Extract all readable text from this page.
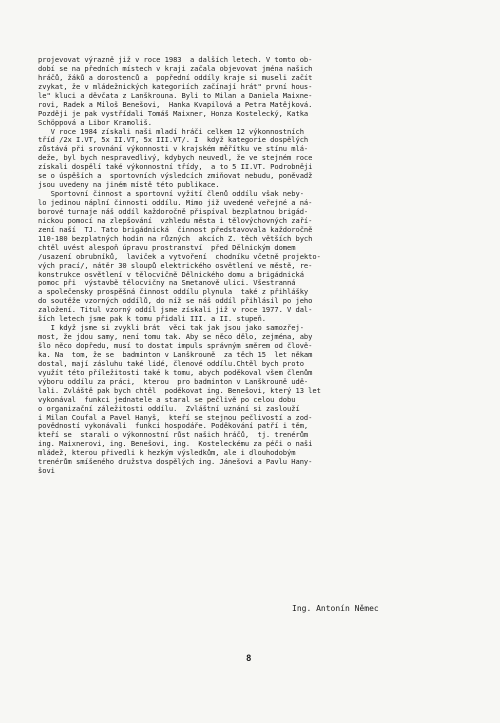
projevovat výrazně již v roce 1983  a dalších letech. V tomto ob-
dobí se na předních místech v kraji začala objevovat jména našich
hráčů, žáků a dorostenců a  popřední oddíly kraje si museli začít
zvykat, že v mládežnických kategoriích začínají hrát" první hous-
le" kluci a děvčata z Lanškrouna. Byli to Milan a Daniela Maixne-
rovi, Radek a Miloš Benešovi,  Hanka Kvapilová a Petra Matějková.
Později je pak vystřídali Tomáš Maixner, Honza Kostelecký, Katka
Schöppová a Libor Kramoliš.
V roce 1984 získali naši mladí hráči celkem 12 výkonnostních
tříd /2x I.VT, 5x II.VT, 5x III.VT/. I  když kategorie dospělých
zůstává při srovnání výkonnosti v krajském měřítku ve stínu mlá-
deže, byl bych nespravedlivý, kdybych neuvedl, že ve stejném roce
získali dospělí také výkonnostní třídy,  a to 5 II.VT. Podrobněji
se o úspěších a  sportovních výsledcích zmiňovat nebudu, poněvadž
jsou uvedeny na jiném místě této publikace.
Sportovní činnost a sportovní vyžití členů oddílu však neby-
lo jedinou náplní činnosti oddílu. Mimo již uvedené veřejné a ná-
borové turnaje náš oddíl každoročně přispíval bezplatnou brigád-
nickou pomocí na zlepšování  vzhledu města i tělovýchovných zaří-
zení naší  TJ. Tato brigádnická  činnost představovala každoročně
110-180 bezplatných hodin na různých  akcích Z. těch větších bych
chtěl uvést alespoň úpravu prostranství  před Dělnickým domem
/usazení obrubníků,  laviček a vytvoření  chodníku včetně projekto-
vých prací/, nátěr 30 sloupů elektrického osvětlení ve městě, re-
konstrukce osvětlení v tělocvičně Dělnického domu a brigádnická
pomoc při  výstavbě tělocvičny na Smetanově ulici. Všestranná
a společensky prospěšná činnost oddílu plynula  také z přihlášky
do soutěže vzorných oddílů, do níž se náš oddíl přihlásil po jeho
založení. Titul vzorný oddíl jsme získali již v roce 1977. V dal-
ších letech jsme pak k tomu přidali III. a II. stupeň.
I když jsme si zvykli brát  věci tak jak jsou jako samozřej-
most, že jdou samy, není tomu tak. Aby se něco dělo, zejména, aby
šlo něco dopředu, musí to dostat impuls správným směrem od člově-
ka. Na  tom, že se  badminton v Lanškrouně  za těch 15  let někam
dostal, mají zásluhu také lidé, členové oddílu.Chtěl bych proto
využít této příležitosti také k tomu, abych poděkoval všem členům
výboru oddílu za práci,  kterou  pro badminton v Lanškrouně udě-
lali. Zvláště pak bych chtěl  poděkovat ing. Benešovi, který 13 let
vykonával  funkci jednatele a staral se pečlivě po celou dobu
o organizační záležitosti oddílu.  Zvláštní uznání si zaslouží
i Milan Coufal a Pavel Hanyš,  kteří se stejnou pečlivostí a zod-
povědností vykonávali  funkci hospodáře. Poděkování patří i těm,
kteří se  starali o výkonnostní růst našich hráčů,  tj. trenérům
ing. Maixnerovi, ing. Benešovi, ing.  Kosteleckému za péči o naši
mládež, kterou přivedli k hezkým výsledkům, ale i dlouhodobým
trenérům smíšeného družstva dospělých ing. Jánešovi a Pavlu Hany-
šovi
Ing. Antonín Němec
8
